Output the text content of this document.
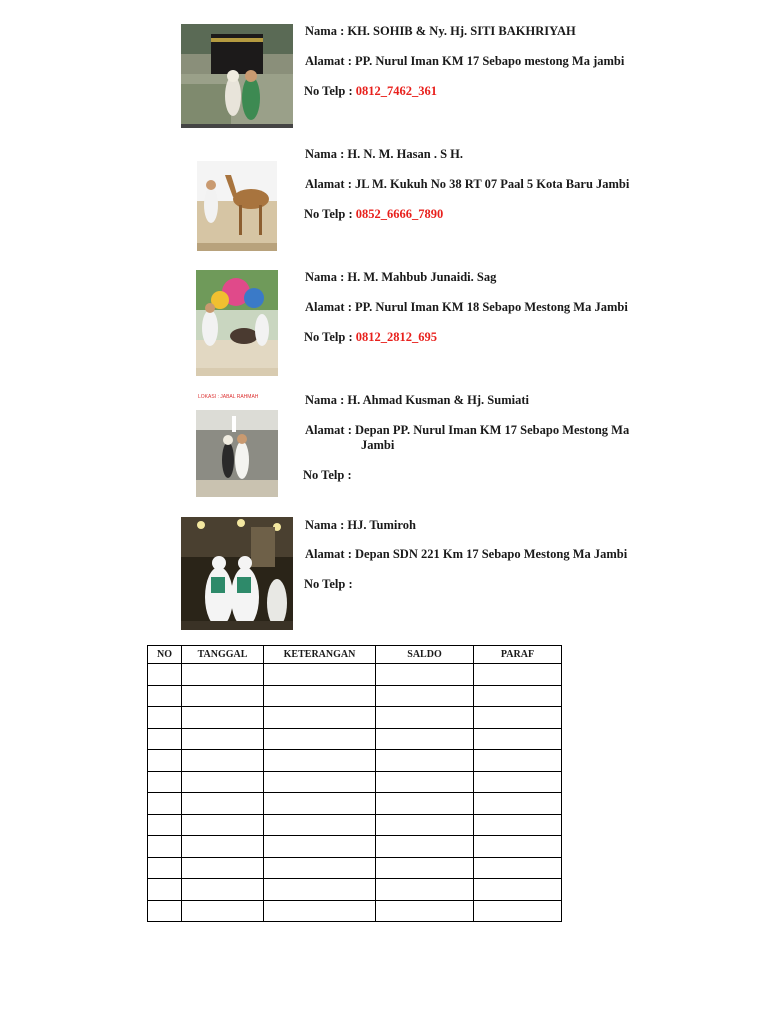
Nama : KH. SOHIB & Ny. Hj. SITI BAKHRIYAH
Alamat : PP. Nurul Iman KM 17 Sebapo mestong Ma jambi
No Telp : 0812_7462_361
Nama : H. N. M. Hasan . S H.
Alamat : JL M. Kukuh No 38 RT 07 Paal 5 Kota Baru Jambi
No Telp : 0852_6666_7890
Nama : H. M. Mahbub Junaidi. Sag
Alamat : PP. Nurul Iman KM 18 Sebapo Mestong Ma Jambi
No Telp : 0812_2812_695
LOKASI : JABAL RAHMAH	Nama : H. Ahmad Kusman & Hj. Sumiati
Alamat : Depan PP. Nurul Iman KM 17 Sebapo Mestong Ma
Jambi
No Telp :
Nama : HJ. Tumiroh
Alamat : Depan SDN 221 Km 17 Sebapo Mestong Ma Jambi
No Telp :
NO	TANGGAL	KETERANGAN	SALDO	PARAF
